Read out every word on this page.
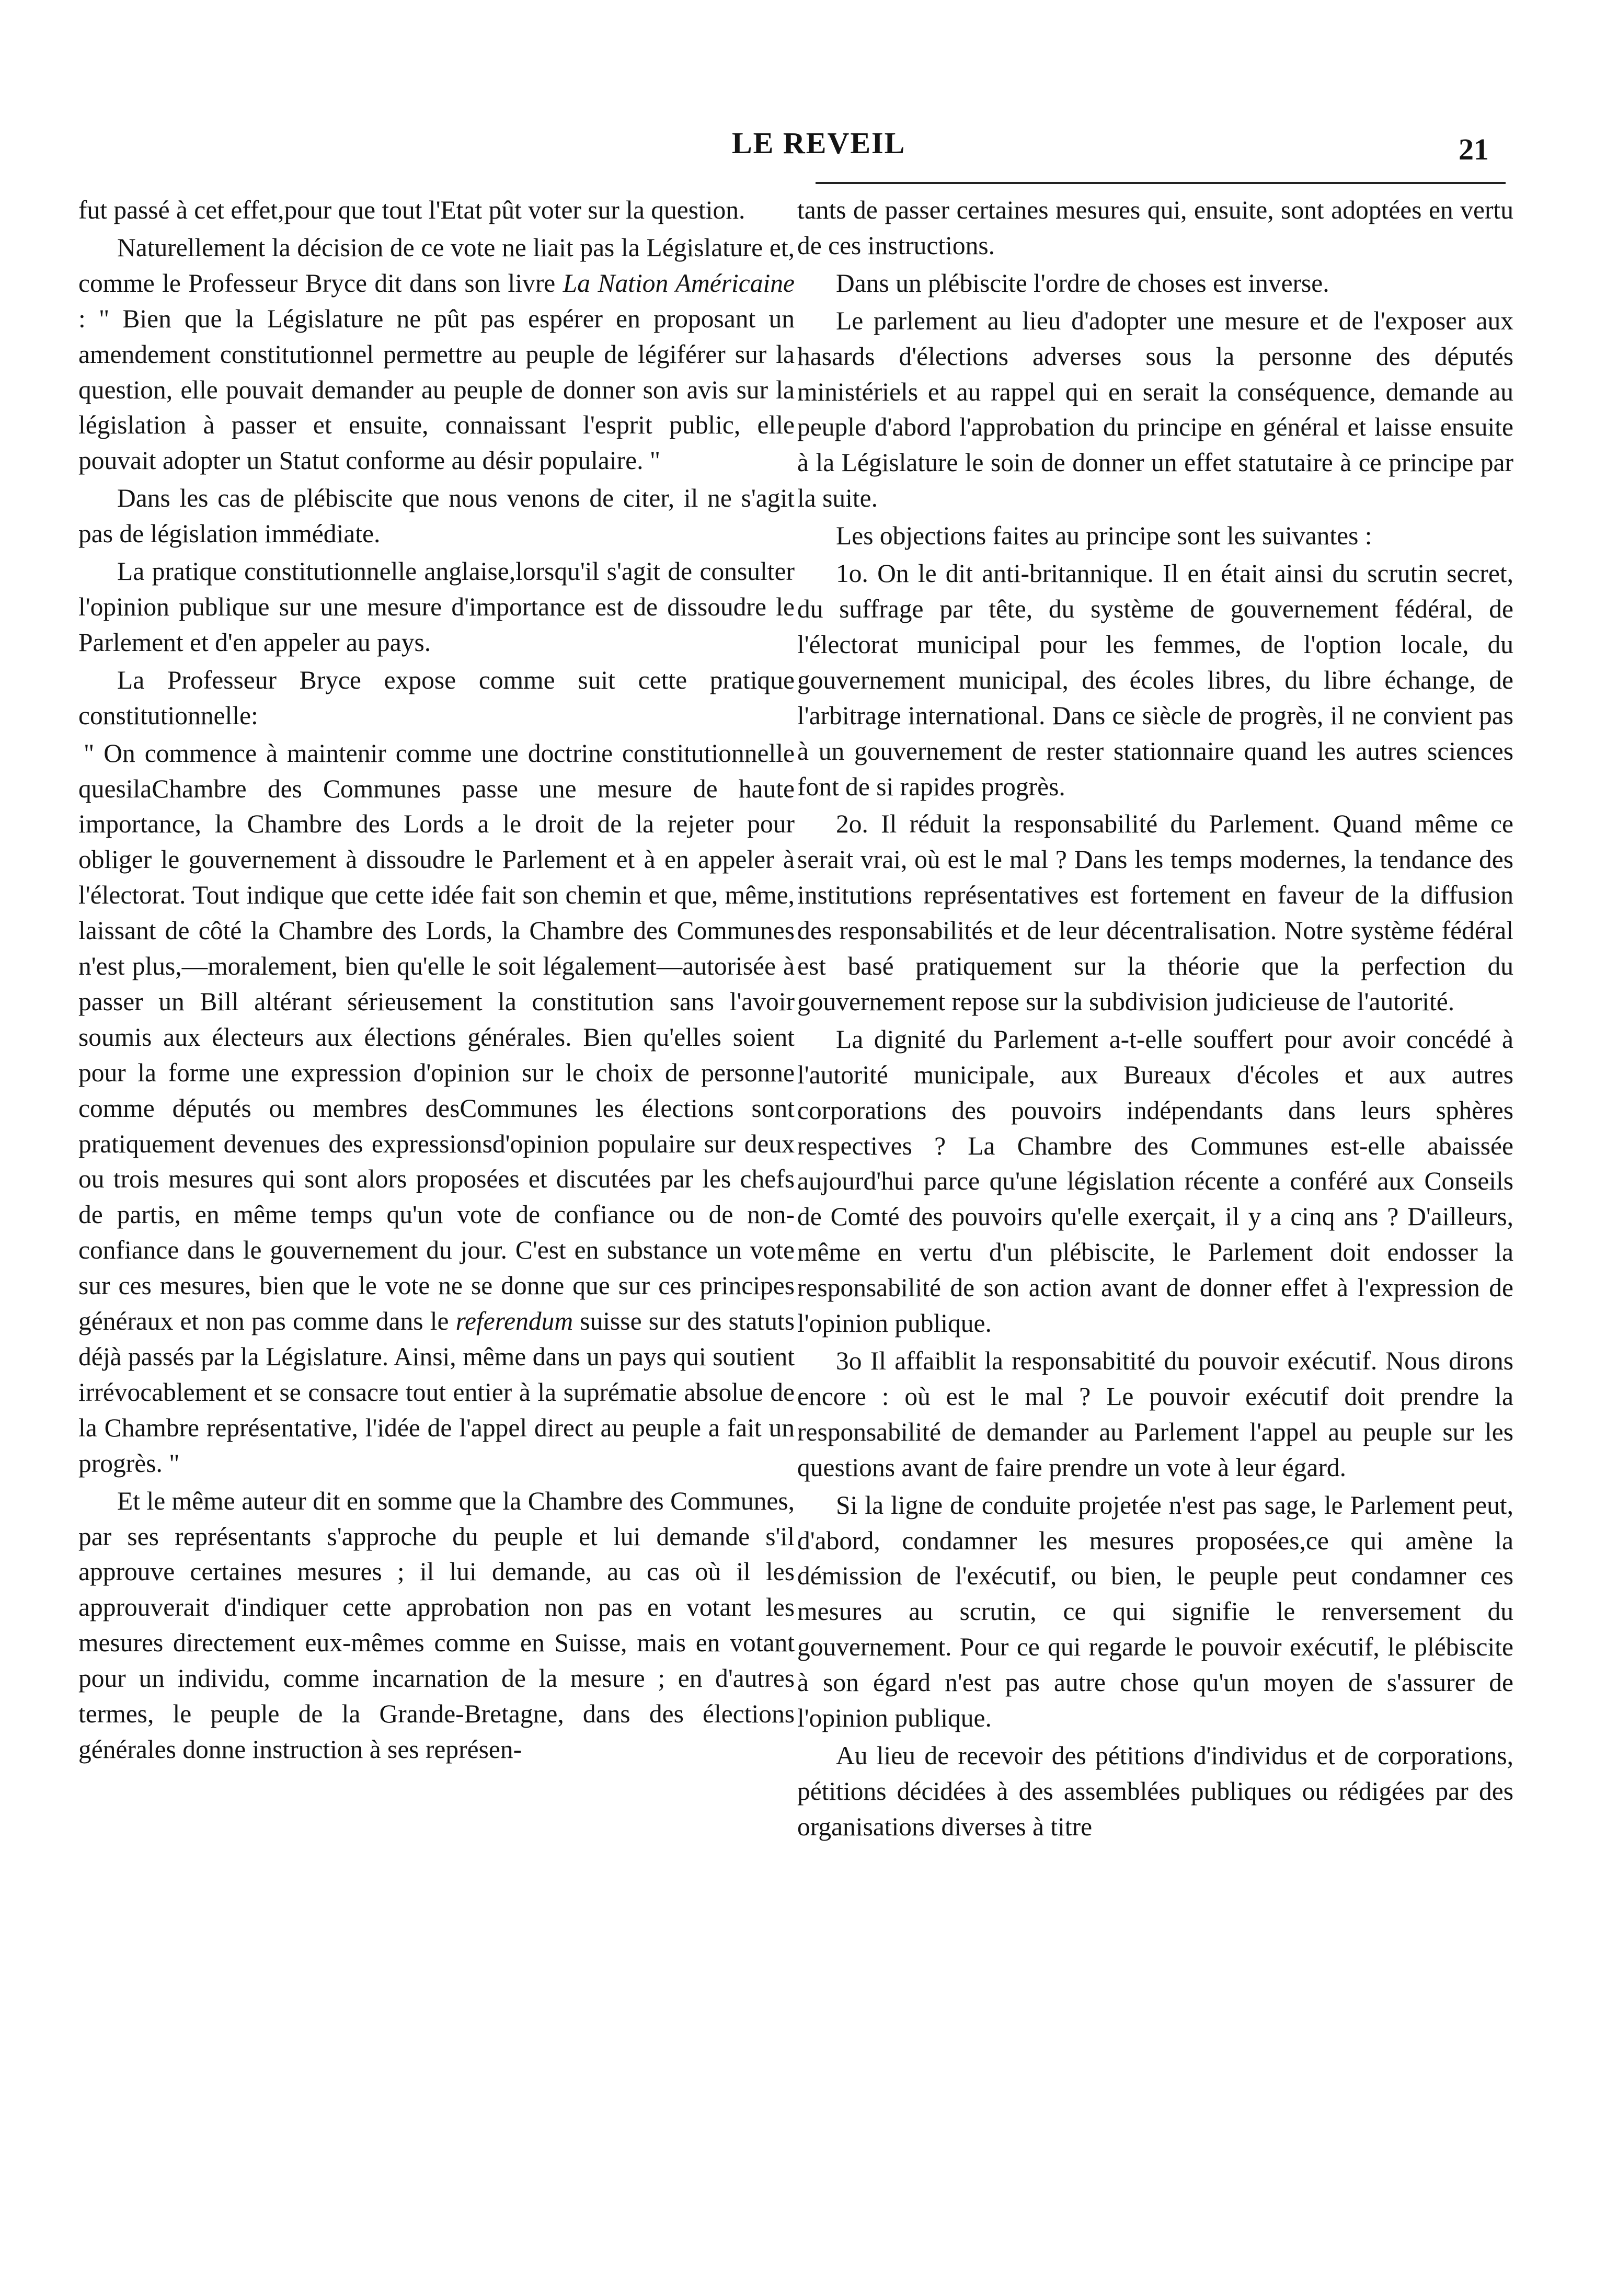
LE REVEIL	21

fut passé à cet effet,pour que tout l'Etat pût voter sur la question.

Naturellement la décision de ce vote ne liait pas la Législature et, comme le Professeur Bryce dit dans son livre La Nation Américaine : " Bien que la Législature ne pût pas espérer en proposant un amendement constitutionnel permettre au peuple de légiférer sur la question, elle pouvait demander au peuple de donner son avis sur la législation à passer et ensuite, connaissant l'esprit public, elle pouvait adopter un Statut conforme au désir populaire. "

Dans les cas de plébiscite que nous venons de citer, il ne s'agit pas de législation immédiate.

La pratique constitutionnelle anglaise,lorsqu'il s'agit de consulter l'opinion publique sur une mesure d'importance est de dissoudre le Parlement et d'en appeler au pays.

La Professeur Bryce expose comme suit cette pratique constitutionnelle:

" On commence à maintenir comme une doctrine constitutionnelle quesilaChambre des Communes passe une mesure de haute importance, la Chambre des Lords a le droit de la rejeter pour obliger le gouvernement à dissoudre le Parlement et à en appeler à l'électorat. Tout indique que cette idée fait son chemin et que, même, laissant de côté la Chambre des Lords, la Chambre des Communes n'est plus,—moralement, bien qu'elle le soit légalement—autorisée à passer un Bill altérant sérieusement la constitution sans l'avoir soumis aux électeurs aux élections générales. Bien qu'elles soient pour la forme une expression d'opinion sur le choix de personne comme députés ou membres desCommunes les élections sont pratiquement devenues des expressionsd'opinion populaire sur deux ou trois mesures qui sont alors proposées et discutées par les chefs de partis, en même temps qu'un vote de confiance ou de non-confiance dans le gouvernement du jour. C'est en substance un vote sur ces mesures, bien que le vote ne se donne que sur ces principes généraux et non pas comme dans le referendum suisse sur des statuts déjà passés par la Législature. Ainsi, même dans un pays qui soutient irrévocablement et se consacre tout entier à la suprématie absolue de la Chambre représentative, l'idée de l'appel direct au peuple a fait un progrès. "

Et le même auteur dit en somme que la Chambre des Communes, par ses représentants s'approche du peuple et lui demande s'il approuve certaines mesures ; il lui demande, au cas où il les approuverait d'indiquer cette approbation non pas en votant les mesures directement eux-mêmes comme en Suisse, mais en votant pour un individu, comme incarnation de la mesure ; en d'autres termes, le peuple de la Grande-Bretagne, dans des élections générales donne instruction à ses représen-

tants de passer certaines mesures qui, ensuite, sont adoptées en vertu de ces instructions.

Dans un plébiscite l'ordre de choses est inverse.

Le parlement au lieu d'adopter une mesure et de l'exposer aux hasards d'élections adverses sous la personne des députés ministériels et au rappel qui en serait la conséquence, demande au peuple d'abord l'approbation du principe en général et laisse ensuite à la Législature le soin de donner un effet statutaire à ce principe par la suite.

Les objections faites au principe sont les suivantes :

1o. On le dit anti-britannique. Il en était ainsi du scrutin secret, du suffrage par tête, du système de gouvernement fédéral, de l'électorat municipal pour les femmes, de l'option locale, du gouvernement municipal, des écoles libres, du libre échange, de l'arbitrage international. Dans ce siècle de progrès, il ne convient pas à un gouvernement de rester stationnaire quand les autres sciences font de si rapides progrès.

2o. Il réduit la responsabilité du Parlement. Quand même ce serait vrai, où est le mal ? Dans les temps modernes, la tendance des institutions représentatives est fortement en faveur de la diffusion des responsabilités et de leur décentralisation. Notre système fédéral est basé pratiquement sur la théorie que la perfection du gouvernement repose sur la subdivision judicieuse de l'autorité.

La dignité du Parlement a-t-elle souffert pour avoir concédé à l'autorité municipale, aux Bureaux d'écoles et aux autres corporations des pouvoirs indépendants dans leurs sphères respectives ? La Chambre des Communes est-elle abaissée aujourd'hui parce qu'une législation récente a conféré aux Conseils de Comté des pouvoirs qu'elle exerçait, il y a cinq ans ? D'ailleurs, même en vertu d'un plébiscite, le Parlement doit endosser la responsabilité de son action avant de donner effet à l'expression de l'opinion publique.

3o Il affaiblit la responsabitité du pouvoir exécutif. Nous dirons encore : où est le mal ? Le pouvoir exécutif doit prendre la responsabilité de demander au Parlement l'appel au peuple sur les questions avant de faire prendre un vote à leur égard.

Si la ligne de conduite projetée n'est pas sage, le Parlement peut, d'abord, condamner les mesures proposées,ce qui amène la démission de l'exécutif, ou bien, le peuple peut condamner ces mesures au scrutin, ce qui signifie le renversement du gouvernement. Pour ce qui regarde le pouvoir exécutif, le plébiscite à son égard n'est pas autre chose qu'un moyen de s'assurer de l'opinion publique.

Au lieu de recevoir des pétitions d'individus et de corporations, pétitions décidées à des assemblées publiques ou rédigées par des organisations diverses à titre
